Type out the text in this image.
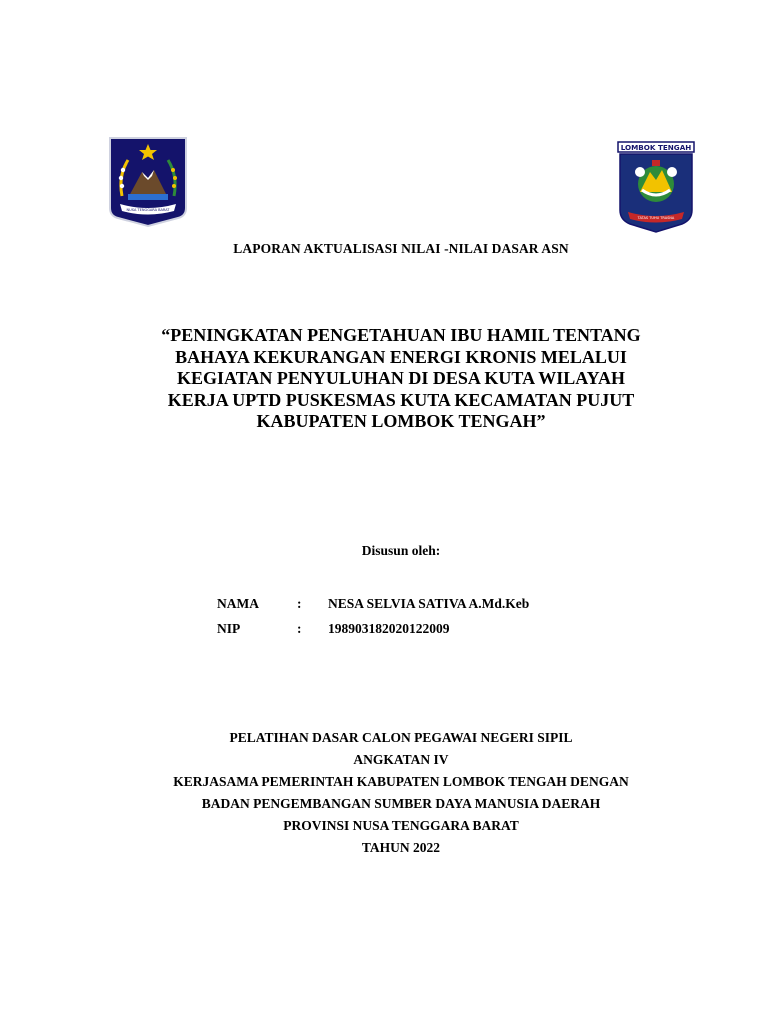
NUSA TENGGARA BARAT
LOMBOK TENGAH
TATAS TUHU TRASNA
LAPORAN AKTUALISASI NILAI -NILAI DASAR ASN
“PENINGKATAN PENGETAHUAN IBU HAMIL TENTANG
BAHAYA KEKURANGAN ENERGI KRONIS MELALUI
KEGIATAN PENYULUHAN DI DESA KUTA WILAYAH
KERJA UPTD PUSKESMAS KUTA KECAMATAN PUJUT
KABUPATEN LOMBOK TENGAH”
Disusun oleh:
NAMA	: NESA SELVIA SATIVA A.Md.Keb
NIP	: 198903182020122009
PELATIHAN DASAR CALON PEGAWAI NEGERI SIPIL
ANGKATAN IV
KERJASAMA PEMERINTAH KABUPATEN LOMBOK TENGAH DENGAN
BADAN PENGEMBANGAN SUMBER DAYA MANUSIA DAERAH
PROVINSI NUSA TENGGARA BARAT
TAHUN 2022
